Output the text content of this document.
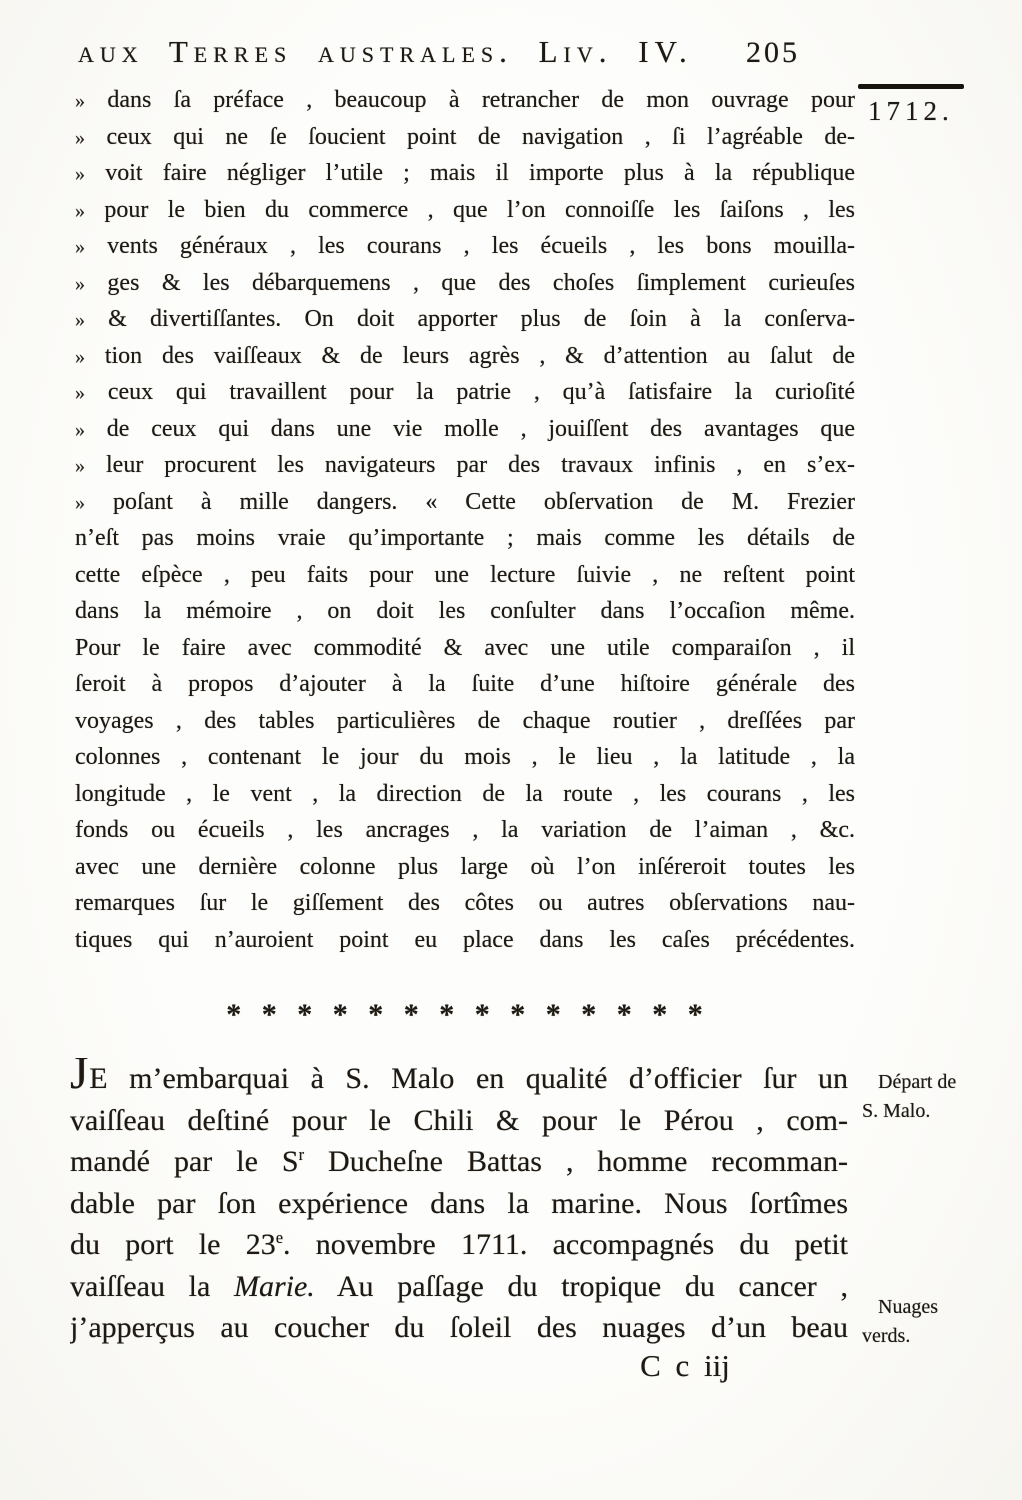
aux Terres australes. Liv. IV.	205
1712.
» dans ſa préface , beaucoup à retrancher de mon ouvrage pour
» ceux qui ne ſe ſoucient point de navigation , ſi l’agréable de-
» voit faire négliger l’utile ; mais il importe plus à la république
» pour le bien du commerce , que l’on connoiſſe les ſaiſons , les
» vents généraux , les courans , les écueils , les bons mouilla-
» ges & les débarquemens , que des choſes ſimplement curieuſes
» & divertiſſantes. On doit apporter plus de ſoin à la conſerva-
» tion des vaiſſeaux & de leurs agrès , & d’attention au ſalut de
» ceux qui travaillent pour la patrie , qu’à ſatisfaire la curioſité
» de ceux qui dans une vie molle , jouiſſent des avantages que
» leur procurent les navigateurs par des travaux infinis , en s’ex-
» poſant à mille dangers. « Cette obſervation de M. Frezier
n’eſt pas moins vraie qu’importante ; mais comme les détails de
cette eſpèce , peu faits pour une lecture ſuivie , ne reſtent point
dans la mémoire , on doit les conſulter dans l’occaſion même.
Pour le faire avec commodité & avec une utile comparaiſon , il
ſeroit à propos d’ajouter à la ſuite d’une hiſtoire générale des
voyages , des tables particulières de chaque routier , dreſſées par
colonnes , contenant le jour du mois , le lieu , la latitude , la
longitude , le vent , la direction de la route , les courans , les
fonds ou écueils , les ancrages , la variation de l’aiman , &c.
avec une dernière colonne plus large où l’on inſéreroit toutes les
remarques ſur le giſſement des côtes ou autres obſervations nau-
tiques qui n’auroient point eu place dans les caſes précédentes.
* * * * * * * * * * * * * *
JE m’embarquai à S. Malo en qualité d’officier ſur un
vaiſſeau deſtiné pour le Chili & pour le Pérou , com-
mandé par le $S^r$ Ducheſne Battas , homme recomman-
dable par ſon expérience dans la marine. Nous ſortîmes
du port le 23e. novembre 1711. accompagnés du petit
vaiſſeau la Marie. Au paſſage du tropique du cancer ,
j’apperçus au coucher du ſoleil des nuages d’un beau
Départ de
S. Malo.
Nuages
verds.
C c iij
